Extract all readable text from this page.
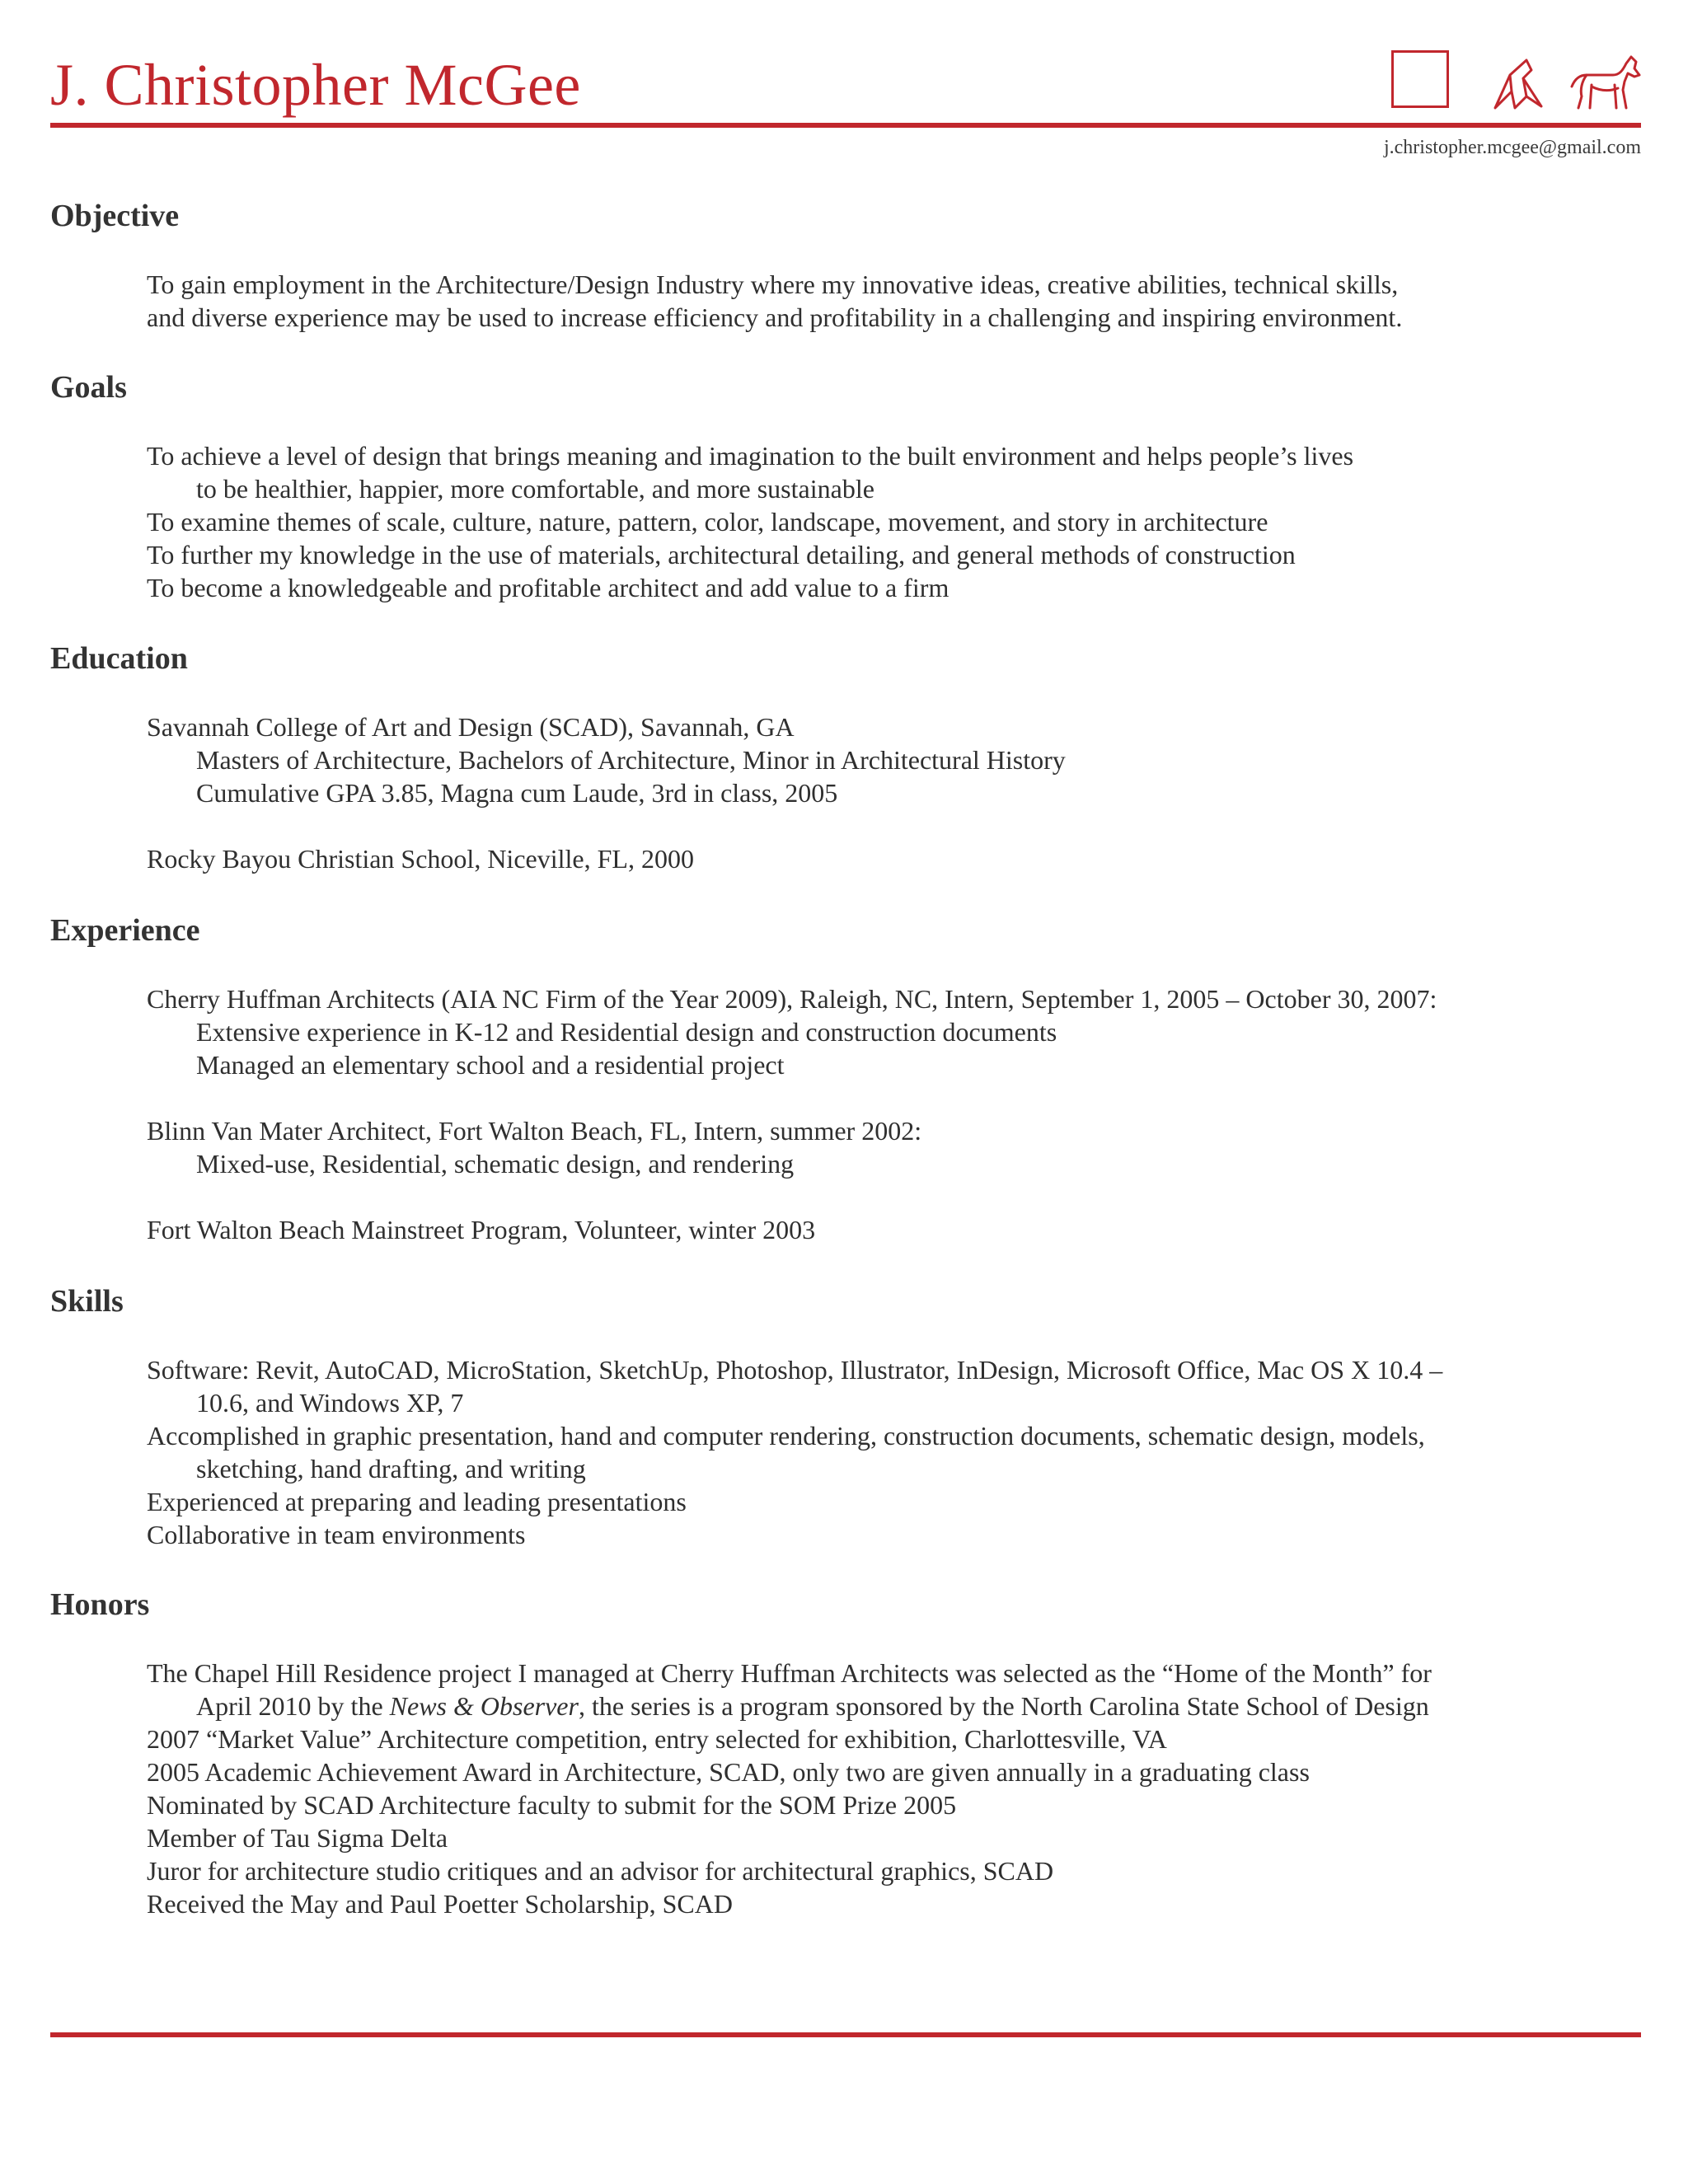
J. Christopher McGee
j.christopher.mcgee@gmail.com
Objective
To gain employment in the Architecture/Design Industry where my innovative ideas, creative abilities, technical skills,
and diverse experience may be used to increase efficiency and profitability in a challenging and inspiring environment.
Goals
To achieve a level of design that brings meaning and imagination to the built environment and helps people’s lives
to be healthier, happier, more comfortable, and more sustainable
To examine themes of scale, culture, nature, pattern, color, landscape, movement, and story in architecture
To further my knowledge in the use of materials, architectural detailing, and general methods of construction
To become a knowledgeable and profitable architect and add value to a firm
Education
Savannah College of Art and Design (SCAD), Savannah, GA
Masters of Architecture, Bachelors of Architecture, Minor in Architectural History
Cumulative GPA 3.85, Magna cum Laude, 3rd in class, 2005
Rocky Bayou Christian School, Niceville, FL, 2000
Experience
Cherry Huffman Architects (AIA NC Firm of the Year 2009), Raleigh, NC, Intern, September 1, 2005 – October 30, 2007:
Extensive experience in K-12 and Residential design and construction documents
Managed an elementary school and a residential project
Blinn Van Mater Architect, Fort Walton Beach, FL, Intern, summer 2002:
Mixed-use, Residential, schematic design, and rendering
Fort Walton Beach Mainstreet Program, Volunteer, winter 2003
Skills
Software: Revit, AutoCAD, MicroStation, SketchUp, Photoshop, Illustrator, InDesign, Microsoft Office, Mac OS X 10.4 –
10.6, and Windows XP, 7
Accomplished in graphic presentation, hand and computer rendering, construction documents, schematic design, models,
sketching, hand drafting, and writing
Experienced at preparing and leading presentations
Collaborative in team environments
Honors
The Chapel Hill Residence project I managed at Cherry Huffman Architects was selected as the “Home of the Month” for
April 2010 by the News & Observer, the series is a program sponsored by the North Carolina State School of Design
2007 “Market Value” Architecture competition, entry selected for exhibition, Charlottesville, VA
2005 Academic Achievement Award in Architecture, SCAD, only two are given annually in a graduating class
Nominated by SCAD Architecture faculty to submit for the SOM Prize 2005
Member of Tau Sigma Delta
Juror for architecture studio critiques and an advisor for architectural graphics, SCAD
Received the May and Paul Poetter Scholarship, SCAD
